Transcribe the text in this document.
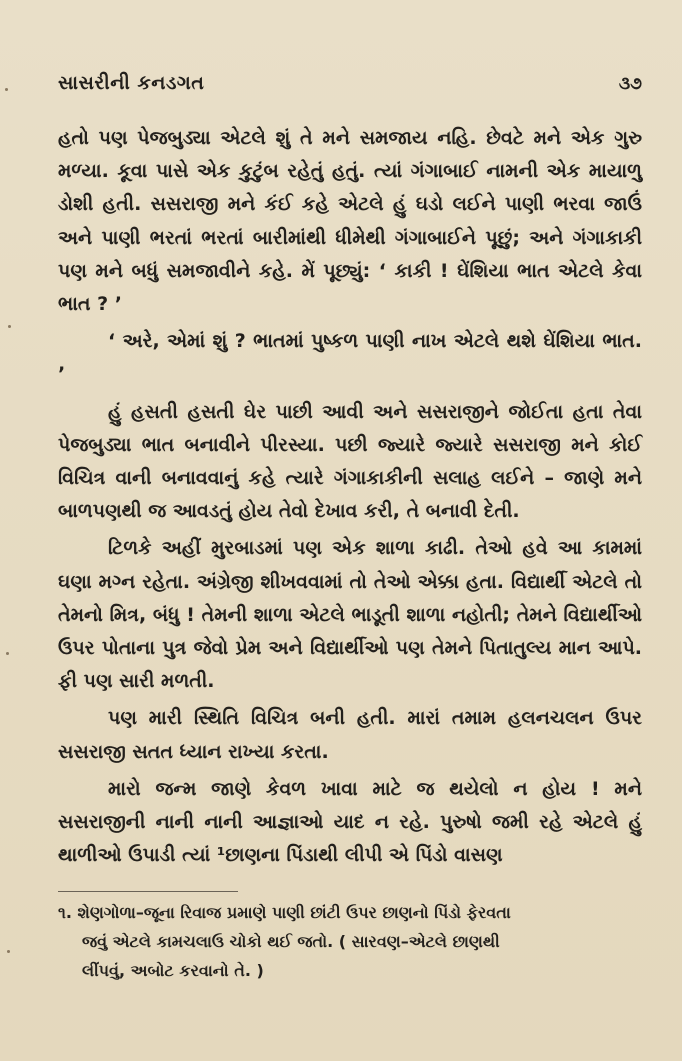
સાસરીની કનડગત	૩૭

હતો પણ પેજબુડ્યા એટલે શું તે મને સમજાય નહિ. છેવટે મને એક ગુરુ મળ્યા. કૂવા પાસે એક કુટુંબ રહેતું હતું. ત્યાં ગંગાબાઈ નામની એક માયાળુ ડોશી હતી. સસરાજી મને કંઈ કહે એટલે હું ઘડો લઈને પાણી ભરવા જાઉં અને પાણી ભરતાં ભરતાં બારીમાંથી ધીમેથી ગંગાબાઈને પૂછું; અને ગંગાકાકી પણ મને બધું સમજાવીને કહે. મેં પૂછ્યું: ‘ કાકી ! ઘેંશિયા ભાત એટલે કેવા ભાત ? ’

‘ અરે, એમાં શું ? ભાતમાં પુષ્કળ પાણી નાખ એટલે થશે ઘેંશિયા ભાત. ’

હું હસતી હસતી ઘેર પાછી આવી અને સસરાજીને જોઈતા હતા તેવા પેજબુડ્યા ભાત બનાવીને પીરસ્યા. પછી જ્યારે જ્યારે સસરાજી મને કોઈ વિચિત્ર વાની બનાવવાનું કહે ત્યારે ગંગાકાકીની સલાહ લઈને – જાણે મને બાળપણથી જ આવડતું હોય તેવો દેખાવ કરી, તે બનાવી દેતી.

ટિળકે અહીં મુરબાડમાં પણ એક શાળા કાઢી. તેઓ હવે આ કામમાં ઘણા મગ્ન રહેતા. અંગ્રેજી શીખવવામાં તો તેઓ એક્કા હતા. વિદ્યાર્થી એટલે તો તેમનો મિત્ર, બંધુ ! તેમની શાળા એટલે ભાડૂતી શાળા નહોતી; તેમને વિદ્યાર્થીઓ ઉપર પોતાના પુત્ર જેવો પ્રેમ અને વિદ્યાર્થીઓ પણ તેમને પિતાતુલ્ય માન આપે. ફી પણ સારી મળતી.

પણ મારી સ્થિતિ વિચિત્ર બની હતી. મારાં તમામ હલનચલન ઉપર સસરાજી સતત ધ્યાન રાખ્યા કરતા.

મારો જન્મ જાણે કેવળ ખાવા માટે જ થયેલો ન હોય ! મને સસરાજીની નાની નાની આજ્ઞાઓ યાદ ન રહે. પુરુષો જમી રહે એટલે હું થાળીઓ ઉપાડી ત્યાં ¹છાણના પિંડાથી લીપી એ પિંડો વાસણ

૧. શેણગોળા–જૂના રિવાજ પ્રમાણે પાણી છાંટી ઉપર છાણનો પિંડો ફેરવતા
જવું એટલે કામચલાઉ ચોકો થઈ જતો. ( સારવણ–એટલે છાણથી
લીંપવું, અબોટ કરવાનો તે. )
